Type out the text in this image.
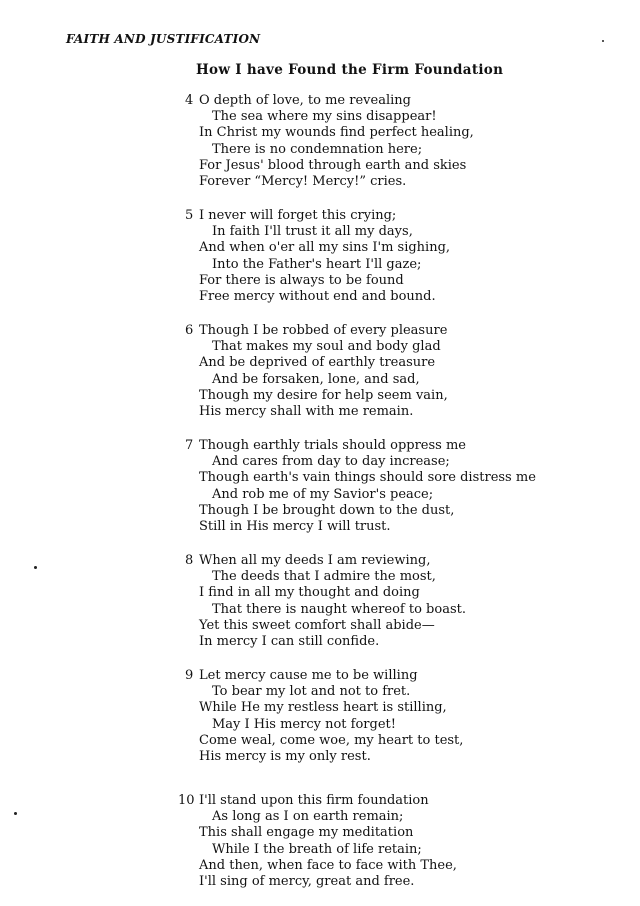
FAITH AND JUSTIFICATION
How I have Found the Firm Foundation
4 O depth of love, to me revealing
The sea where my sins disappear!
In Christ my wounds find perfect healing,
There is no condemnation here;
For Jesus' blood through earth and skies
Forever “Mercy! Mercy!” cries.
5 I never will forget this crying;
In faith I'll trust it all my days,
And when o'er all my sins I'm sighing,
Into the Father's heart I'll gaze;
For there is always to be found
Free mercy without end and bound.
6 Though I be robbed of every pleasure
That makes my soul and body glad
And be deprived of earthly treasure
And be forsaken, lone, and sad,
Though my desire for help seem vain,
His mercy shall with me remain.
7 Though earthly trials should oppress me
And cares from day to day increase;
Though earth's vain things should sore distress me
And rob me of my Savior's peace;
Though I be brought down to the dust,
Still in His mercy I will trust.
8 When all my deeds I am reviewing,
The deeds that I admire the most,
I find in all my thought and doing
That there is naught whereof to boast.
Yet this sweet comfort shall abide—
In mercy I can still confide.
9 Let mercy cause me to be willing
To bear my lot and not to fret.
While He my restless heart is stilling,
May I His mercy not forget!
Come weal, come woe, my heart to test,
His mercy is my only rest.
10 I'll stand upon this firm foundation
As long as I on earth remain;
This shall engage my meditation
While I the breath of life retain;
And then, when face to face with Thee,
I'll sing of mercy, great and free.
